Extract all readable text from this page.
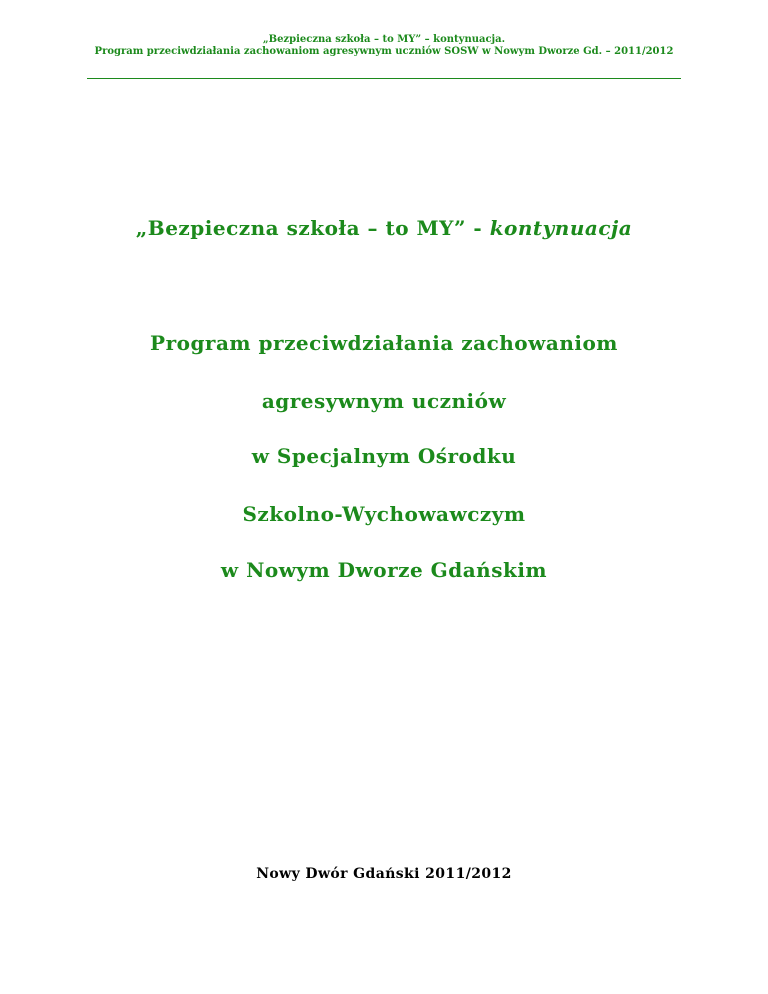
„Bezpieczna szkoła – to MY” – kontynuacja.
Program przeciwdziałania zachowaniom agresywnym uczniów SOSW w Nowym Dworze Gd. – 2011/2012
„Bezpieczna szkoła – to MY” - kontynuacja
Program przeciwdziałania zachowaniom
agresywnym uczniów
w Specjalnym Ośrodku
Szkolno-Wychowawczym
w Nowym Dworze Gdańskim
Nowy Dwór Gdański 2011/2012
